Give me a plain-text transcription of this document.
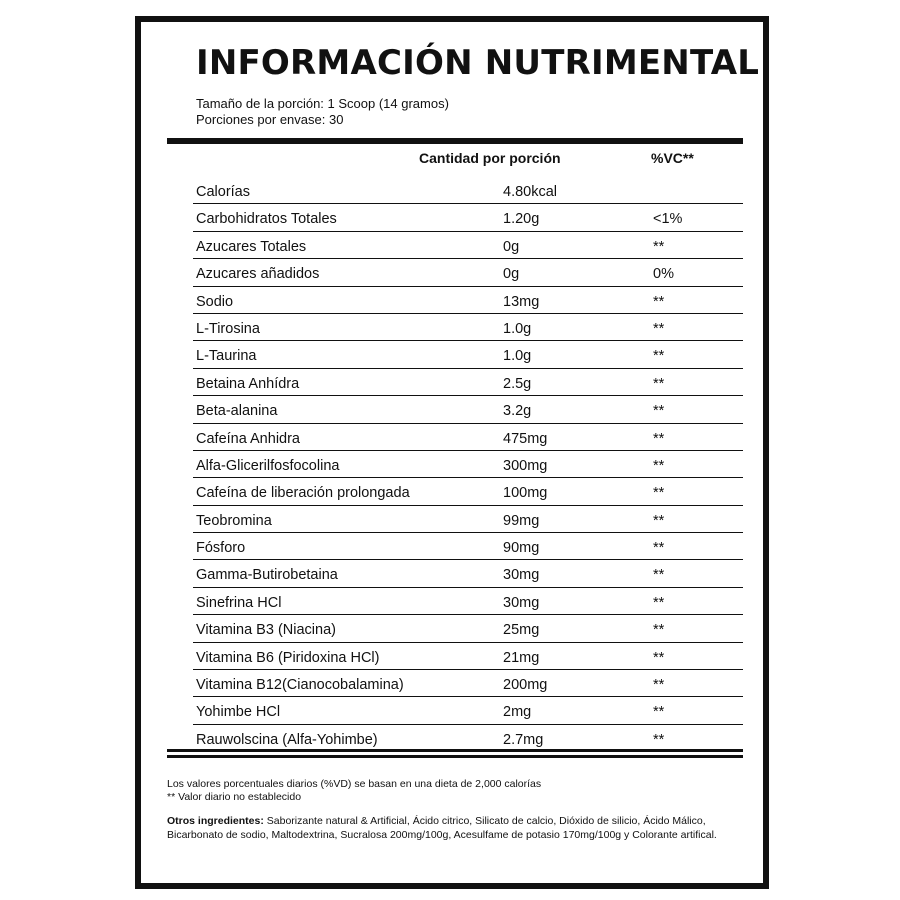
INFORMACIÓN NUTRIMENTAL
Tamaño de la porción: 1 Scoop (14 gramos)
Porciones por envase: 30
Cantidad por porción	%VC**
Calorías	4.80kcal
Carbohidratos Totales	1.20g	<1%
Azucares Totales	0g	**
Azucares añadidos	0g	0%
Sodio	13mg	**
L-Tirosina	1.0g	**
L-Taurina	1.0g	**
Betaina Anhídra	2.5g	**
Beta-alanina	3.2g	**
Cafeína Anhidra	475mg	**
Alfa-Glicerilfosfocolina	300mg	**
Cafeína de liberación prolongada	100mg	**
Teobromina	99mg	**
Fósforo	90mg	**
Gamma-Butirobetaina	30mg	**
Sinefrina HCl	30mg	**
Vitamina B3 (Niacina)	25mg	**
Vitamina B6 (Piridoxina HCl)	21mg	**
Vitamina B12(Cianocobalamina)	200mg	**
Yohimbe HCl	2mg	**
Rauwolscina (Alfa-Yohimbe)	2.7mg	**
Los valores porcentuales diarios (%VD) se basan en una dieta de 2,000 calorías
** Valor diario no establecido
Otros ingredientes: Saborizante natural & Artificial, Ácido citrico, Silicato de calcio, Dióxido de silicio, Ácido Málico, Bicarbonato de sodio, Maltodextrina, Sucralosa 200mg/100g, Acesulfame de potasio 170mg/100g y Colorante artifical.
